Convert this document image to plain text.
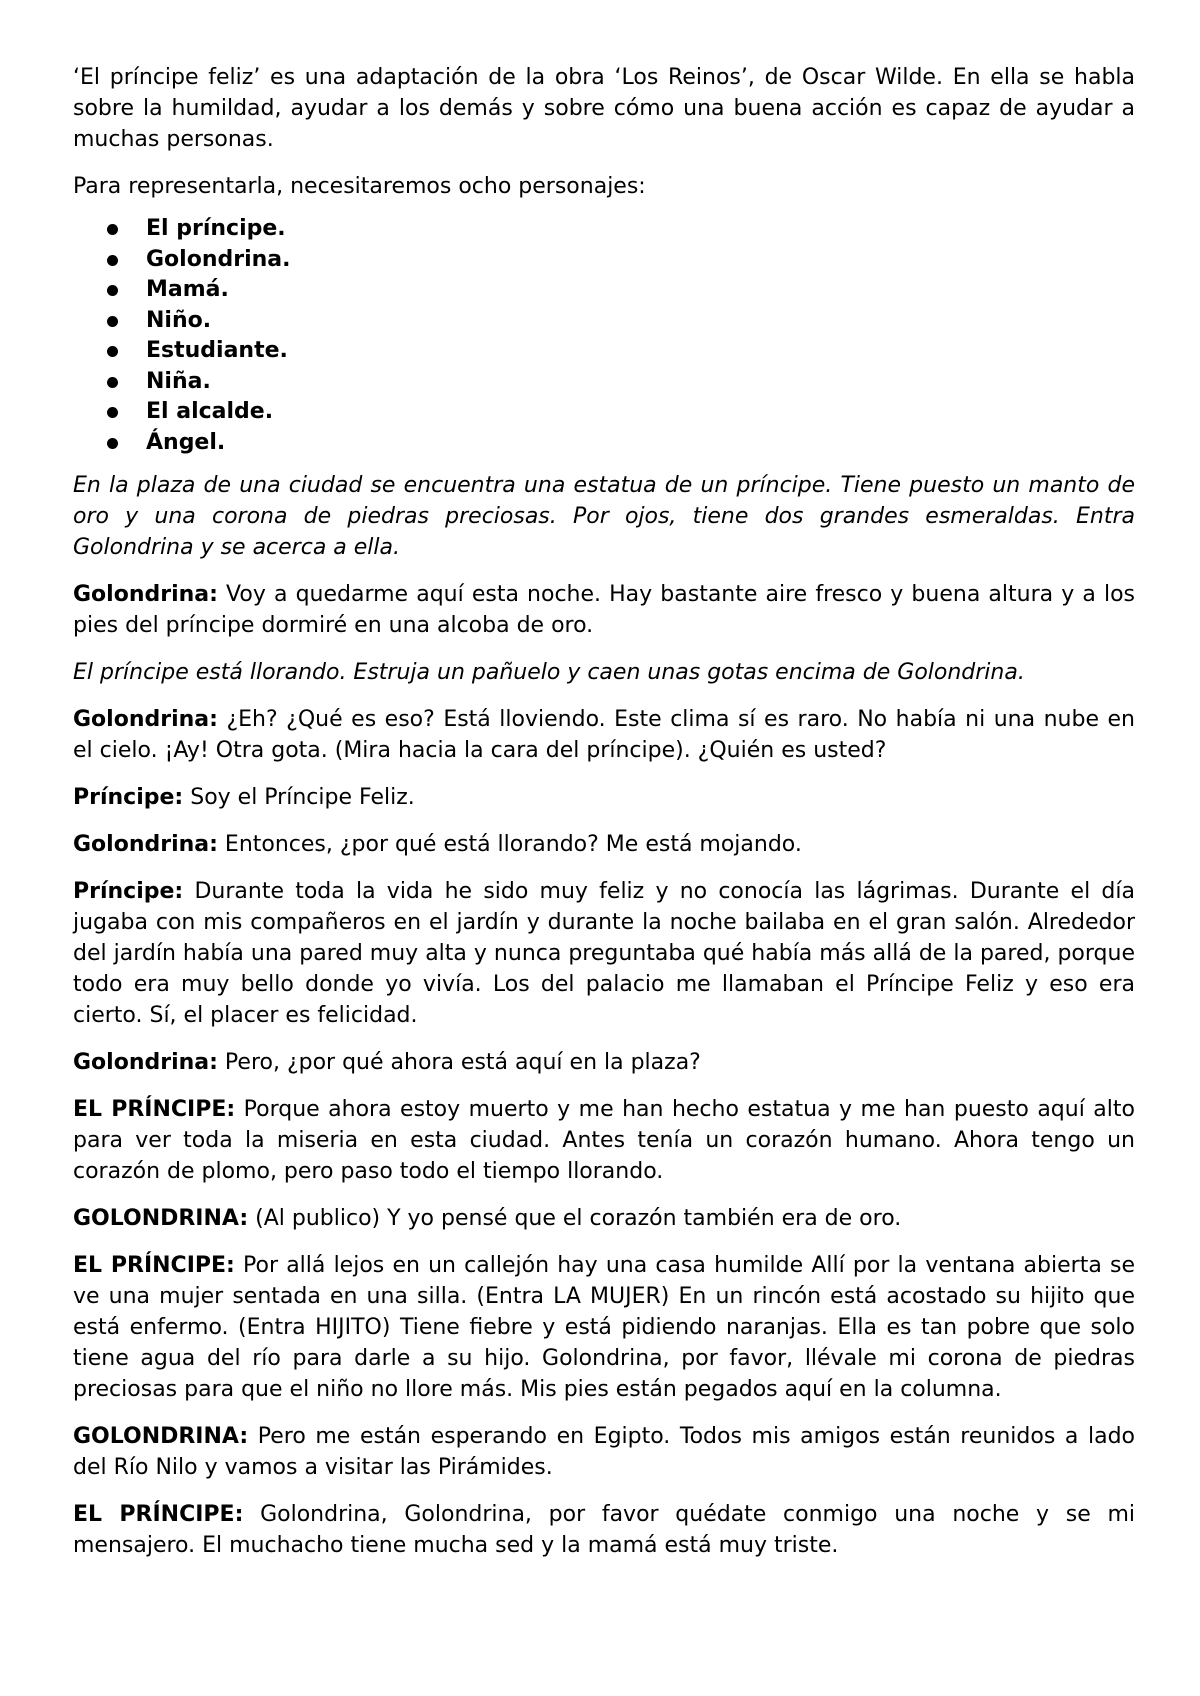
‘El príncipe feliz’ es una adaptación de la obra ‘Los Reinos’, de Oscar Wilde. En ella se habla sobre la humildad, ayudar a los demás y sobre cómo una buena acción es capaz de ayudar a muchas personas.

Para representarla, necesitaremos ocho personajes:

El príncipe.
Golondrina.
Mamá.
Niño.
Estudiante.
Niña.
El alcalde.
Ángel.

En la plaza de una ciudad se encuentra una estatua de un príncipe. Tiene puesto un manto de oro y una corona de piedras preciosas. Por ojos, tiene dos grandes esmeraldas. Entra Golondrina y se acerca a ella.

Golondrina: Voy a quedarme aquí esta noche. Hay bastante aire fresco y buena altura y a los pies del príncipe dormiré en una alcoba de oro.

El príncipe está llorando. Estruja un pañuelo y caen unas gotas encima de Golondrina.

Golondrina: ¿Eh? ¿Qué es eso? Está lloviendo. Este clima sí es raro. No había ni una nube en el cielo. ¡Ay! Otra gota. (Mira hacia la cara del príncipe). ¿Quién es usted?

Príncipe: Soy el Príncipe Feliz.

Golondrina: Entonces, ¿por qué está llorando? Me está mojando.

Príncipe: Durante toda la vida he sido muy feliz y no conocía las lágrimas. Durante el día jugaba con mis compañeros en el jardín y durante la noche bailaba en el gran salón. Alrededor del jardín había una pared muy alta y nunca preguntaba qué había más allá de la pared, porque todo era muy bello donde yo vivía. Los del palacio me llamaban el Príncipe Feliz y eso era cierto. Sí, el placer es felicidad.

Golondrina: Pero, ¿por qué ahora está aquí en la plaza?

EL PRÍNCIPE: Porque ahora estoy muerto y me han hecho estatua y me han puesto aquí alto para ver toda la miseria en esta ciudad. Antes tenía un corazón humano. Ahora tengo un corazón de plomo, pero paso todo el tiempo llorando.

GOLONDRINA: (Al publico) Y yo pensé que el corazón también era de oro.

EL PRÍNCIPE: Por allá lejos en un callejón hay una casa humilde Allí por la ventana abierta se ve una mujer sentada en una silla. (Entra LA MUJER) En un rincón está acostado su hijito que está enfermo. (Entra HIJITO) Tiene fiebre y está pidiendo naranjas. Ella es tan pobre que solo tiene agua del río para darle a su hijo. Golondrina, por favor, llévale mi corona de piedras preciosas para que el niño no llore más. Mis pies están pegados aquí en la columna.

GOLONDRINA: Pero me están esperando en Egipto. Todos mis amigos están reunidos a lado del Río Nilo y vamos a visitar las Pirámides.

EL PRÍNCIPE: Golondrina, Golondrina, por favor quédate conmigo una noche y se mi mensajero. El muchacho tiene mucha sed y la mamá está muy triste.
